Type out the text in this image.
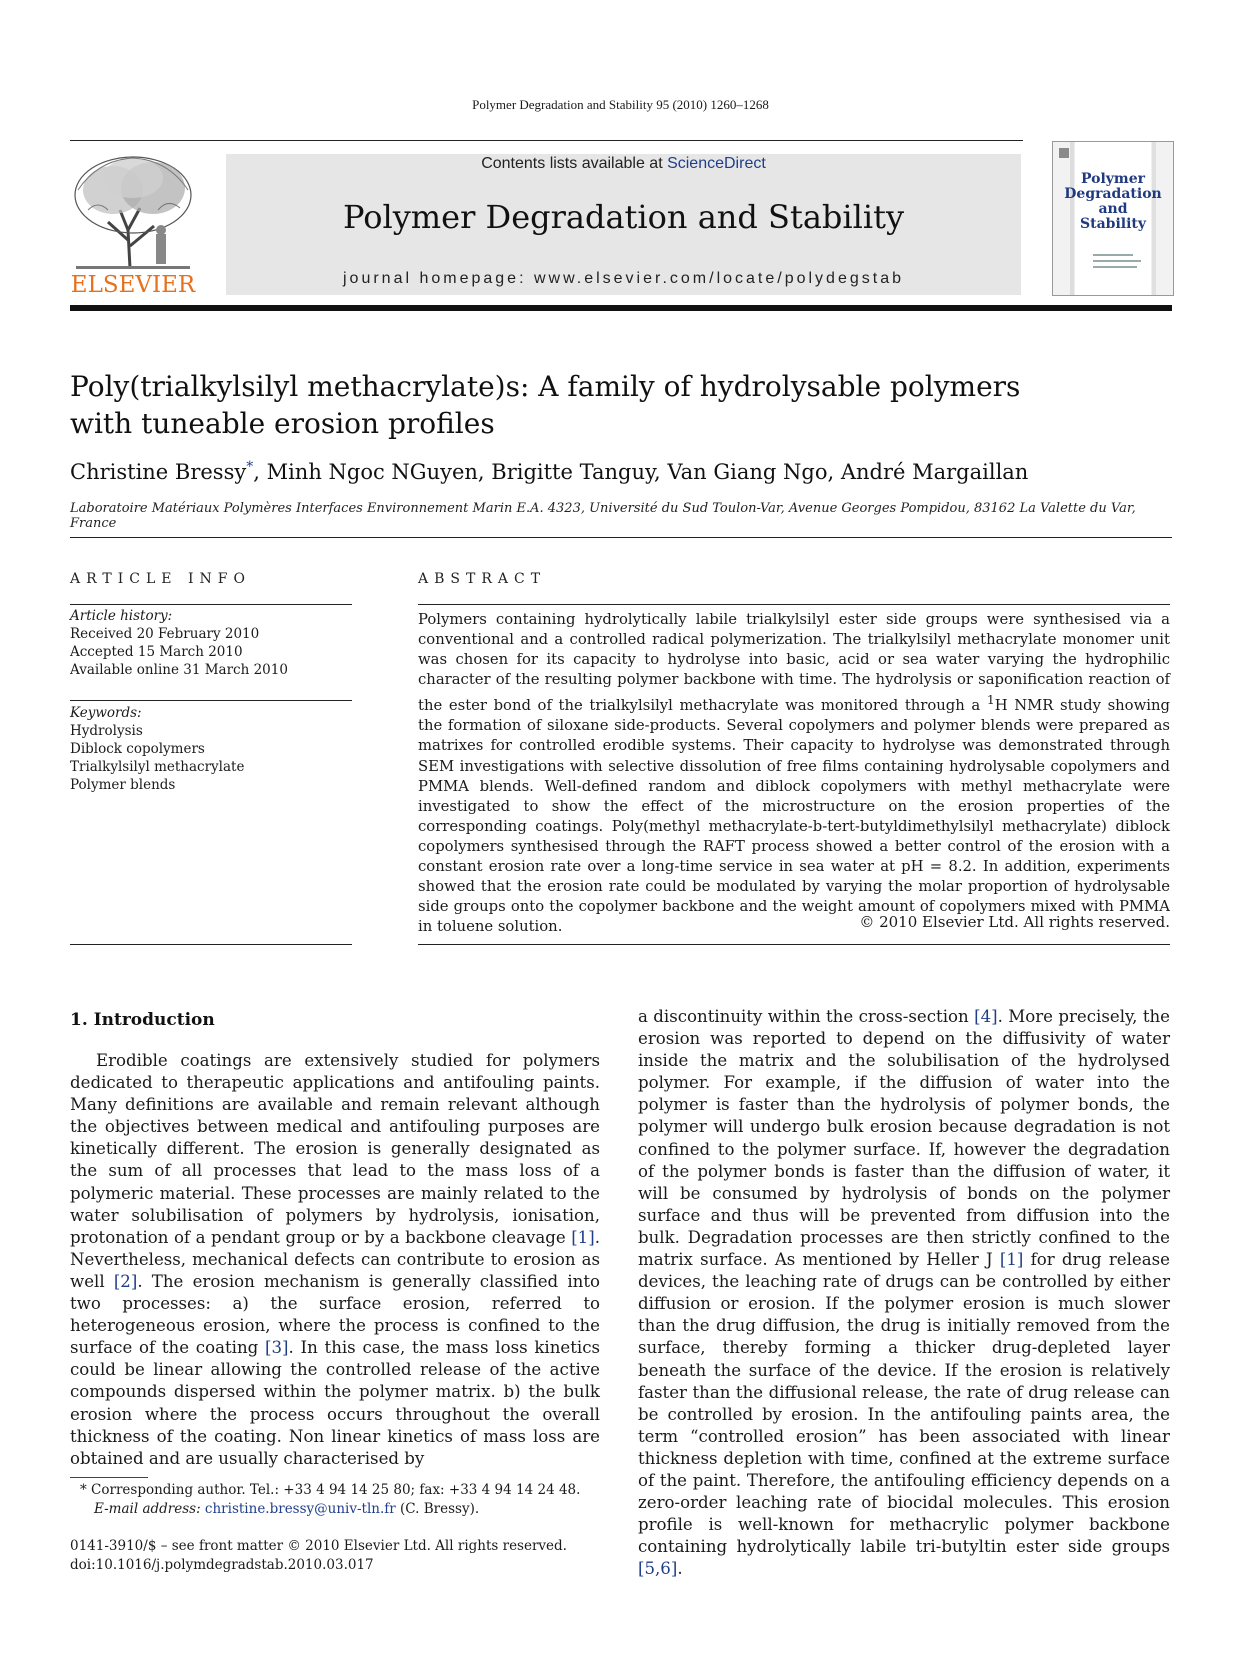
Polymer Degradation and Stability 95 (2010) 1260–1268
ELSEVIER
Contents lists available at ScienceDirect
Polymer Degradation and Stability
journal homepage: www.elsevier.com/locate/polydegstab
Polymer
Degradation
and
Stability
Poly(trialkylsilyl methacrylate)s: A family of hydrolysable polymers
with tuneable erosion profiles
Christine Bressy*, Minh Ngoc NGuyen, Brigitte Tanguy, Van Giang Ngo, André Margaillan
Laboratoire Matériaux Polymères Interfaces Environnement Marin E.A. 4323, Université du Sud Toulon-Var, Avenue Georges Pompidou, 83162 La Valette du Var, France
ARTICLE INFO
Article history:
Received 20 February 2010
Accepted 15 March 2010
Available online 31 March 2010
Keywords:
Hydrolysis
Diblock copolymers
Trialkylsilyl methacrylate
Polymer blends
ABSTRACT
Polymers containing hydrolytically labile trialkylsilyl ester side groups were synthesised via a conventional and a controlled radical polymerization. The trialkylsilyl methacrylate monomer unit was chosen for its capacity to hydrolyse into basic, acid or sea water varying the hydrophilic character of the resulting polymer backbone with time. The hydrolysis or saponification reaction of the ester bond of the trialkylsilyl methacrylate was monitored through a $^1$H NMR study showing the formation of siloxane side-products. Several copolymers and polymer blends were prepared as matrixes for controlled erodible systems. Their capacity to hydrolyse was demonstrated through SEM investigations with selective dissolution of free films containing hydrolysable copolymers and PMMA blends. Well-defined random and diblock copolymers with methyl methacrylate were investigated to show the effect of the microstructure on the erosion properties of the corresponding coatings. Poly(methyl methacrylate-b-tert-butyldimethylsilyl methacrylate) diblock copolymers synthesised through the RAFT process showed a better control of the erosion with a constant erosion rate over a long-time service in sea water at pH = 8.2. In addition, experiments showed that the erosion rate could be modulated by varying the molar proportion of hydrolysable side groups onto the copolymer backbone and the weight amount of copolymers mixed with PMMA in toluene solution.	© 2010 Elsevier Ltd. All rights reserved.
1. Introduction
Erodible coatings are extensively studied for polymers dedicated to therapeutic applications and antifouling paints. Many definitions are available and remain relevant although the objectives between medical and antifouling purposes are kinetically different. The erosion is generally designated as the sum of all processes that lead to the mass loss of a polymeric material. These processes are mainly related to the water solubilisation of polymers by hydrolysis, ionisation, protonation of a pendant group or by a backbone cleavage [1]. Nevertheless, mechanical defects can contribute to erosion as well [2]. The erosion mechanism is generally classified into two processes: a) the surface erosion, referred to heterogeneous erosion, where the process is confined to the surface of the coating [3]. In this case, the mass loss kinetics could be linear allowing the controlled release of the active compounds dispersed within the polymer matrix. b) the bulk erosion where the process occurs throughout the overall thickness of the coating. Non linear kinetics of mass loss are obtained and are usually characterised by
a discontinuity within the cross-section [4]. More precisely, the erosion was reported to depend on the diffusivity of water inside the matrix and the solubilisation of the hydrolysed polymer. For example, if the diffusion of water into the polymer is faster than the hydrolysis of polymer bonds, the polymer will undergo bulk erosion because degradation is not confined to the polymer surface. If, however the degradation of the polymer bonds is faster than the diffusion of water, it will be consumed by hydrolysis of bonds on the polymer surface and thus will be prevented from diffusion into the bulk. Degradation processes are then strictly confined to the matrix surface. As mentioned by Heller J [1] for drug release devices, the leaching rate of drugs can be controlled by either diffusion or erosion. If the polymer erosion is much slower than the drug diffusion, the drug is initially removed from the surface, thereby forming a thicker drug-depleted layer beneath the surface of the device. If the erosion is relatively faster than the diffusional release, the rate of drug release can be controlled by erosion. In the antifouling paints area, the term “controlled erosion” has been associated with linear thickness depletion with time, confined at the extreme surface of the paint. Therefore, the antifouling efficiency depends on a zero-order leaching rate of biocidal molecules. This erosion profile is well-known for methacrylic polymer backbone containing hydrolytically labile tri-butyltin ester side groups [5,6].
* Corresponding author. Tel.: +33 4 94 14 25 80; fax: +33 4 94 14 24 48.
E-mail address: christine.bressy@univ-tln.fr (C. Bressy).
0141-3910/$ – see front matter © 2010 Elsevier Ltd. All rights reserved.
doi:10.1016/j.polymdegradstab.2010.03.017
